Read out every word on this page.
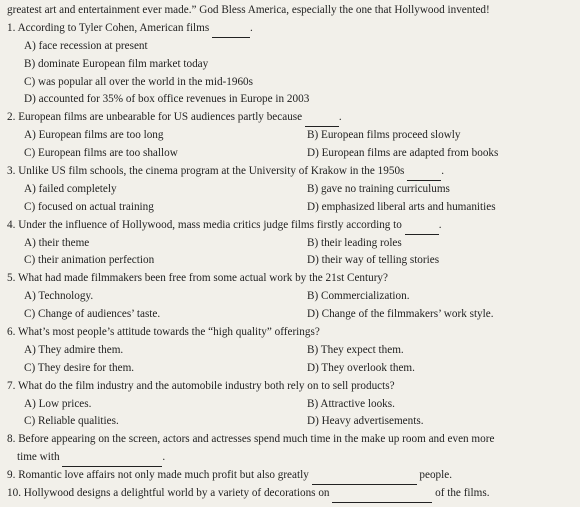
greatest art and entertainment ever made.” God Bless America, especially the one that Hollywood invented!
1. According to Tyler Cohen, American films	.
A) face recession at present
B) dominate European film market today
C) was popular all over the world in the mid-1960s
D) accounted for 35% of box office revenues in Europe in 2003
2. European films are unbearable for US audiences partly because	.
A) European films are too long	B) European films proceed slowly
C) European films are too shallow	D) European films are adapted from books
3. Unlike US film schools, the cinema program at the University of Krakow in the 1950s	.
A) failed completely	B) gave no training curriculums
C) focused on actual training	D) emphasized liberal arts and humanities
4. Under the influence of Hollywood, mass media critics judge films firstly according to	.
A) their theme	B) their leading roles
C) their animation perfection	D) their way of telling stories
5. What had made filmmakers been free from some actual work by the 21st Century?
A) Technology.	B) Commercialization.
C) Change of audiences’ taste.	D) Change of the filmmakers’ work style.
6. What’s most people’s attitude towards the “high quality” offerings?
A) They admire them.	B) They expect them.
C) They desire for them.	D) They overlook them.
7. What do the film industry and the automobile industry both rely on to sell products?
A) Low prices.	B) Attractive looks.
C) Reliable qualities.	D) Heavy advertisements.
8. Before appearing on the screen, actors and actresses spend much time in the make up room and even more
time with	.
9. Romantic love affairs not only made much profit but also greatly	people.
10. Hollywood designs a delightful world by a variety of decorations on	of the films.
